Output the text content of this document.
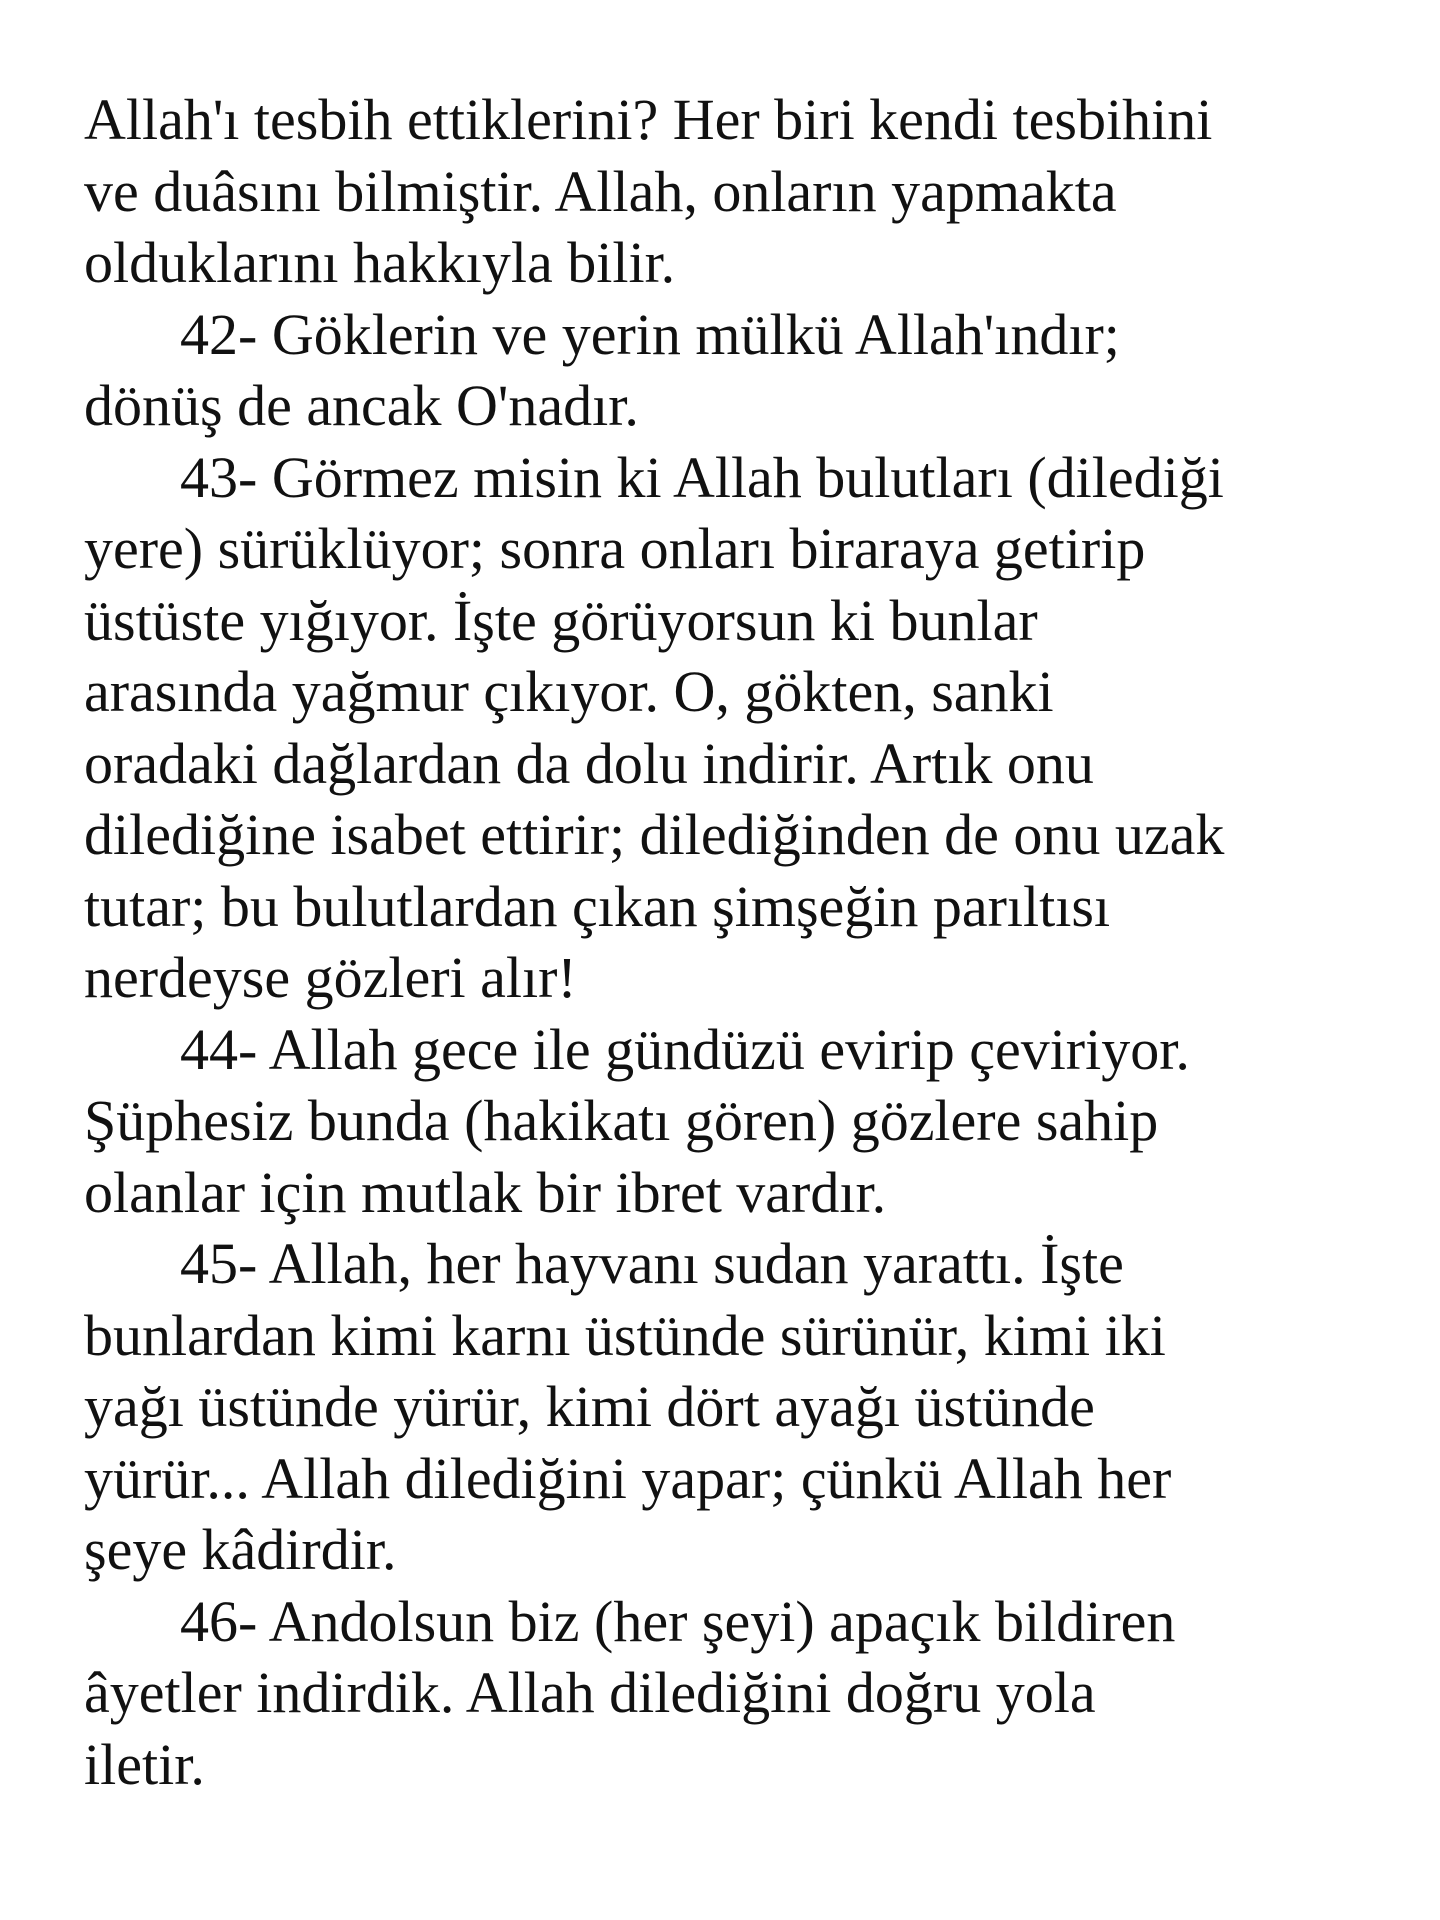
Allah'ı tesbih ettiklerini? Her biri kendi tesbihini
ve duâsını bilmiştir. Allah, onların yapmakta
olduklarını hakkıyla bilir.
42- Göklerin ve yerin mülkü Allah'ındır;
dönüş de ancak O'nadır.
43- Görmez misin ki Allah bulutları (dilediği
yere) sürüklüyor; sonra onları biraraya getirip
üstüste yığıyor. İşte görüyorsun ki bunlar
arasında yağmur çıkıyor. O, gökten, sanki
oradaki dağlardan da dolu indirir. Artık onu
dilediğine isabet ettirir; dilediğinden de onu uzak
tutar; bu bulutlardan çıkan şimşeğin parıltısı
nerdeyse gözleri alır!
44- Allah gece ile gündüzü evirip çeviriyor.
Şüphesiz bunda (hakikatı gören) gözlere sahip
olanlar için mutlak bir ibret vardır.
45- Allah, her hayvanı sudan yarattı. İşte
bunlardan kimi karnı üstünde sürünür, kimi iki
yağı üstünde yürür, kimi dört ayağı üstünde
yürür... Allah dilediğini yapar; çünkü Allah her
şeye kâdirdir.
46- Andolsun biz (her şeyi) apaçık bildiren
âyetler indirdik. Allah dilediğini doğru yola
iletir.
